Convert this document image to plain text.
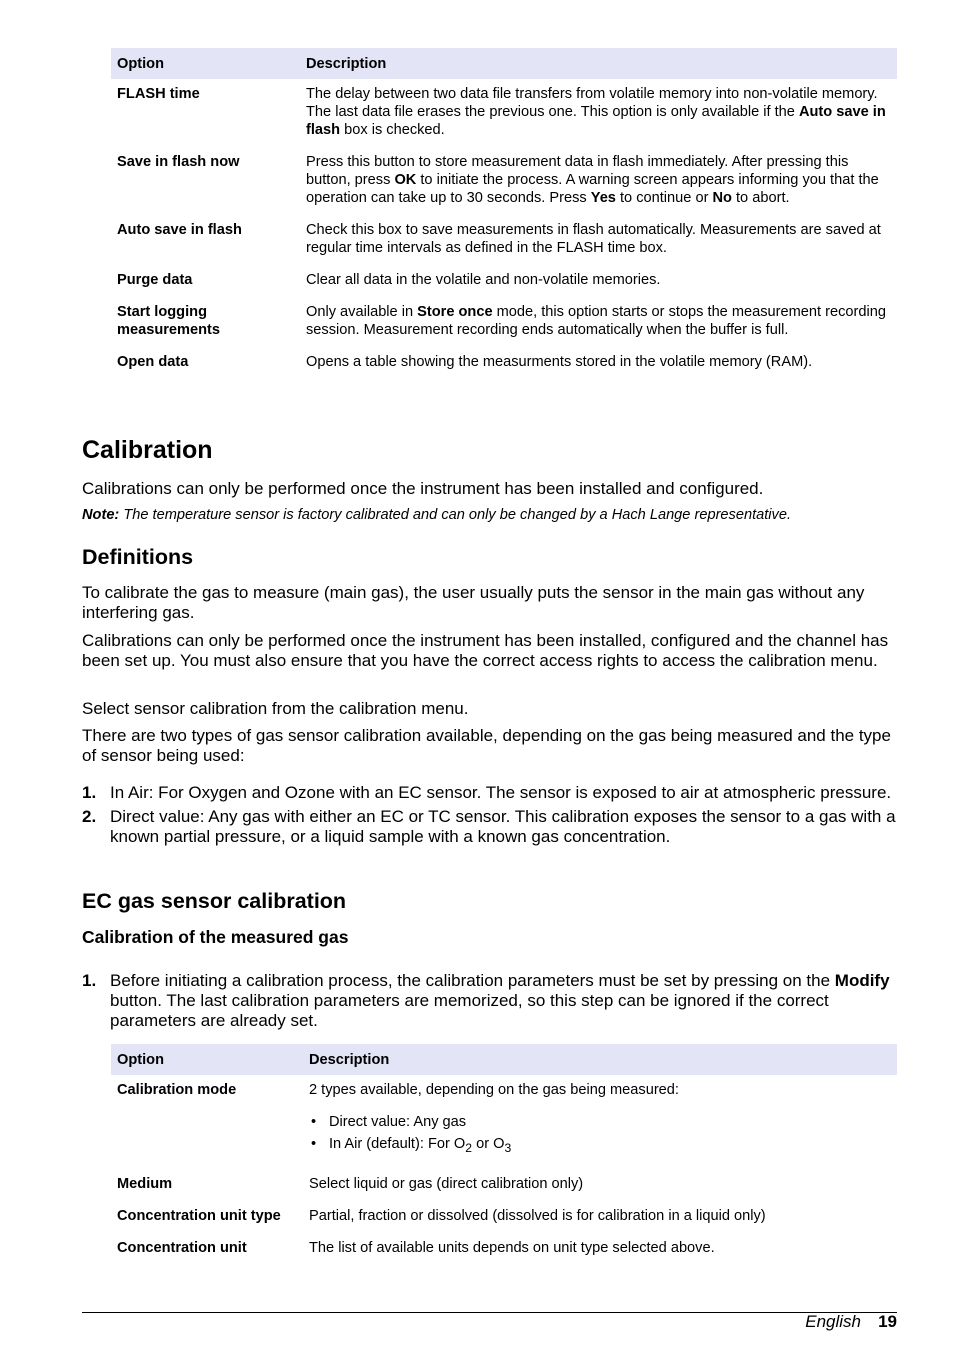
Option	Description
FLASH time	The delay between two data file transfers from volatile memory into non-volatile memory. The last data file erases the previous one. This option is only available if the Auto save in flash box is checked.
Save in flash now	Press this button to store measurement data in flash immediately. After pressing this button, press OK to initiate the process. A warning screen appears informing you that the operation can take up to 30 seconds. Press Yes to continue or No to abort.
Auto save in flash	Check this box to save measurements in flash automatically. Measurements are saved at regular time intervals as defined in the FLASH time box.
Purge data	Clear all data in the volatile and non-volatile memories.
Start logging measurements	Only available in Store once mode, this option starts or stops the measurement recording session. Measurement recording ends automatically when the buffer is full.
Open data	Opens a table showing the measurments stored in the volatile memory (RAM).
Calibration
Calibrations can only be performed once the instrument has been installed and configured.
Note: The temperature sensor is factory calibrated and can only be changed by a Hach Lange representative.
Definitions
To calibrate the gas to measure (main gas), the user usually puts the sensor in the main gas without any interfering gas.
Calibrations can only be performed once the instrument has been installed, configured and the channel has been set up. You must also ensure that you have the correct access rights to access the calibration menu.
Select sensor calibration from the calibration menu.
There are two types of gas sensor calibration available, depending on the gas being measured and the type of sensor being used:
1. In Air: For Oxygen and Ozone with an EC sensor. The sensor is exposed to air at atmospheric pressure.
2. Direct value: Any gas with either an EC or TC sensor. This calibration exposes the sensor to a gas with a known partial pressure, or a liquid sample with a known gas concentration.
EC gas sensor calibration
Calibration of the measured gas
1. Before initiating a calibration process, the calibration parameters must be set by pressing on the Modify button. The last calibration parameters are memorized, so this step can be ignored if the correct parameters are already set.
Option	Description
Calibration mode	2 types available, depending on the gas being measured:
• Direct value: Any gas
• In Air (default): For $O_2$ or $O_3$

Medium	Select liquid or gas (direct calibration only)
Concentration unit type	Partial, fraction or dissolved (dissolved is for calibration in a liquid only)
Concentration unit	The list of available units depends on unit type selected above.
English 19
